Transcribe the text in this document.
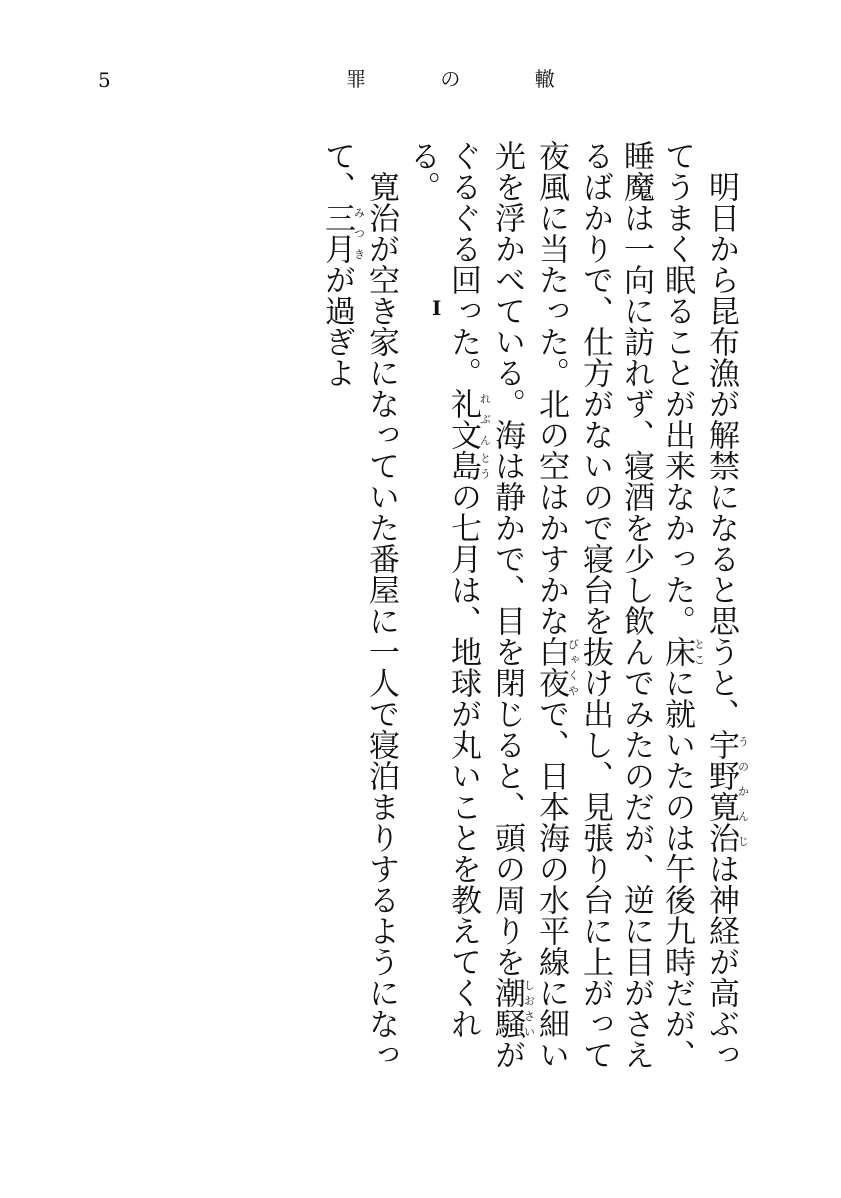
5	罪 の 轍
I	明日から昆布漁が解禁になると思うと、宇野寛治うのかんじは神経が高ぶってうまく眠ることが出来なかった。床とこに就いたのは午後九時だが、睡魔は一向に訪れず、寝酒を少し飲んでみたのだが、逆に目がさえるばかりで、仕方がないので寝台を抜け出し、見張り台に上がって夜風に当たった。北の空はかすかな白夜びゃくやで、日本海の水平線に細い光を浮かべている。海は静かで、目を閉じると、頭の周りを潮騒しおさいがぐるぐる回った。礼文れぶん島とうの七月は、地球が丸いことを教えてくれる。

寛治が空き家になっていた番屋に一人で寝泊まりするようになって、三月みつきが過ぎよ
